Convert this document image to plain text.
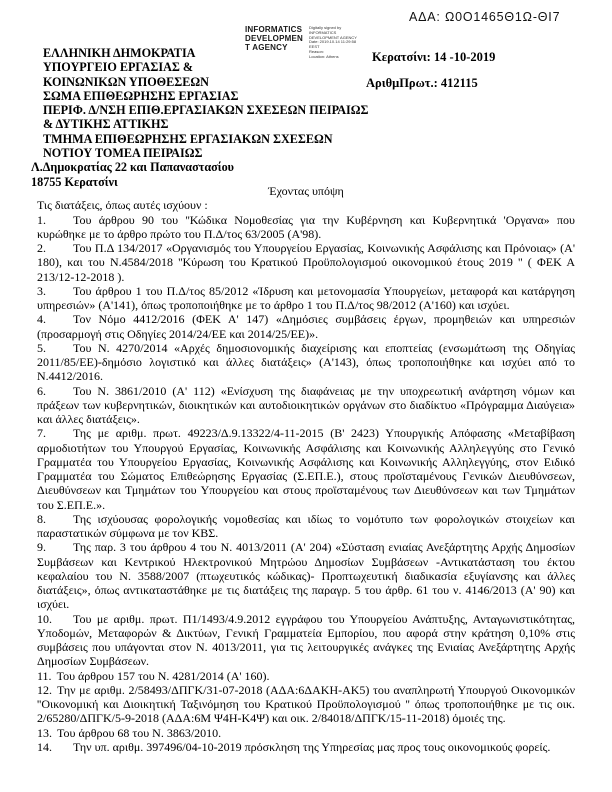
ΑΔΑ: Ω0Ο1465Θ1Ω-ΘΙ7
INFORMATICS DEVELOPMENT AGENCY
Digitally signed by
INFORMATICS
DEVELOPMENT AGENCY
Date: 2019.10.14 11:29:58
EEST
Reason:
Location: Athens	Κερατσίνι: 14 -10-2019
ΑριθμΠρωτ.: 412115
ΕΛΛΗΝΙΚΗ ΔΗΜΟΚΡΑΤΙΑ
ΥΠΟΥΡΓΕΙΟ ΕΡΓΑΣΙΑΣ &
ΚΟΙΝΩΝΙΚΩΝ ΥΠΟΘΕΣΕΩΝ
ΣΩΜΑ ΕΠΙΘΕΩΡΗΣΗΣ ΕΡΓΑΣΙΑΣ
ΠΕΡΙΦ. Δ/ΝΣΗ ΕΠΙΘ.ΕΡΓΑΣΙΑΚΩΝ ΣΧΕΣΕΩΝ ΠΕΙΡΑΙΩΣ
& ΔΥΤΙΚΗΣ ΑΤΤΙΚΗΣ
ΤΜΗΜΑ ΕΠΙΘΕΩΡΗΣΗΣ ΕΡΓΑΣΙΑΚΩΝ ΣΧΕΣΕΩΝ
ΝΟΤΙΟΥ ΤΟΜΕΑ ΠΕΙΡΑΙΩΣ
Λ.Δημοκρατίας 22 και Παπαναστασίου
18755 Κερατσίνι

Έχοντας υπόψη

Τις διατάξεις, όπως αυτές ισχύουν :

1. Του άρθρου 90 του ''Κώδικα Νομοθεσίας για την Κυβέρνηση και Κυβερνητικά 'Οργανα» που κυρώθηκε με το άρθρο πρώτο του Π.Δ/τος 63/2005 (Α'98).

2. Του Π.Δ 134/2017 «Οργανισμός του Υπουργείου Εργασίας, Κοινωνικής Ασφάλισης και Πρόνοιας» (Α' 180), και του Ν.4584/2018 ''Κύρωση του Κρατικού Προϋπολογισμού οικονομικού έτους 2019 '' ( ΦΕΚ Α 213/12-12-2018 ).

3. Του άρθρου 1 του Π.Δ/τος 85/2012 «Ίδρυση και μετονομασία Υπουργείων, μεταφορά και κατάργηση υπηρεσιών» (Α'141), όπως τροποποιήθηκε με το άρθρο 1 του Π.Δ/τος 98/2012 (Α'160) και ισχύει.

4. Τον Νόμο 4412/2016 (ΦΕΚ Α' 147) «Δημόσιες συμβάσεις έργων, προμηθειών και υπηρεσιών (προσαρμογή στις Οδηγίες 2014/24/ΕΕ και 2014/25/ΕΕ)».

5. Του Ν. 4270/2014 «Αρχές δημοσιονομικής διαχείρισης και εποπτείας (ενσωμάτωση της Οδηγίας 2011/85/ΕΕ)-δημόσιο λογιστικό και άλλες διατάξεις» (Α'143), όπως τροποποιήθηκε και ισχύει από το Ν.4412/2016.

6. Του Ν. 3861/2010 (Α' 112) «Ενίσχυση της διαφάνειας με την υποχρεωτική ανάρτηση νόμων και πράξεων των κυβερνητικών, διοικητικών και αυτοδιοικητικών οργάνων στο διαδίκτυο «Πρόγραμμα Διαύγεια» και άλλες διατάξεις».

7. Της με αριθμ. πρωτ. 49223/Δ.9.13322/4-11-2015 (Β' 2423) Υπουργικής Απόφασης «Μεταβίβαση αρμοδιοτήτων του Υπουργού Εργασίας, Κοινωνικής Ασφάλισης και Κοινωνικής Αλληλεγγύης στο Γενικό Γραμματέα του Υπουργείου Εργασίας, Κοινωνικής Ασφάλισης και Κοινωνικής Αλληλεγγύης, στον Ειδικό Γραμματέα του Σώματος Επιθεώρησης Εργασίας (Σ.ΕΠ.Ε.), στους προϊσταμένους Γενικών Διευθύνσεων, Διευθύνσεων και Τμημάτων του Υπουργείου και στους προϊσταμένους των Διευθύνσεων και των Τμημάτων του Σ.ΕΠ.Ε.».

8. Της ισχύουσας φορολογικής νομοθεσίας και ιδίως το νομότυπο των φορολογικών στοιχείων και παραστατικών σύμφωνα με τον ΚΒΣ.

9. Της παρ. 3 του άρθρου 4 του Ν. 4013/2011 (Α' 204) «Σύσταση ενιαίας Ανεξάρτητης Αρχής Δημοσίων Συμβάσεων και Κεντρικού Ηλεκτρονικού Μητρώου Δημοσίων Συμβάσεων -Αντικατάσταση του έκτου κεφαλαίου του Ν. 3588/2007 (πτωχευτικός κώδικας)- Προπτωχευτική διαδικασία εξυγίανσης και άλλες διατάξεις», όπως αντικαταστάθηκε με τις διατάξεις της παραγρ. 5 του άρθρ. 61 του ν. 4146/2013 (Α' 90) και ισχύει.

10. Του με αριθμ. πρωτ. Π1/1493/4.9.2012 εγγράφου του Υπουργείου Ανάπτυξης, Ανταγωνιστικότητας, Υποδομών, Μεταφορών & Δικτύων, Γενική Γραμματεία Εμπορίου, που αφορά στην κράτηση 0,10% στις συμβάσεις που υπάγονται στον Ν. 4013/2011, για τις λειτουργικές ανάγκες της Ενιαίας Ανεξάρτητης Αρχής Δημοσίων Συμβάσεων.

11. Του άρθρου 157 του Ν. 4281/2014 (Α' 160).

12. Την με αριθμ. 2/58493/ΔΠΓΚ/31-07-2018 (ΑΔΑ:6ΔΑΚΗ-ΑΚ5) του αναπληρωτή Υπουργού Οικονομικών ''Οικονομική και Διοικητική Ταξινόμηση του Κρατικού Προϋπολογισμού '' όπως τροποποιήθηκε με τις οικ. 2/65280/ΔΠΓΚ/5-9-2018 (ΑΔΑ:6Μ Ψ4Η-Κ4Ψ) και οικ. 2/84018/ΔΠΓΚ/15-11-2018) όμοιές της.

13. Του άρθρου 68 του Ν. 3863/2010.

14. Την υπ. αριθμ. 397496/04-10-2019 πρόσκληση της Υπηρεσίας μας προς τους οικονομικούς φορείς.
